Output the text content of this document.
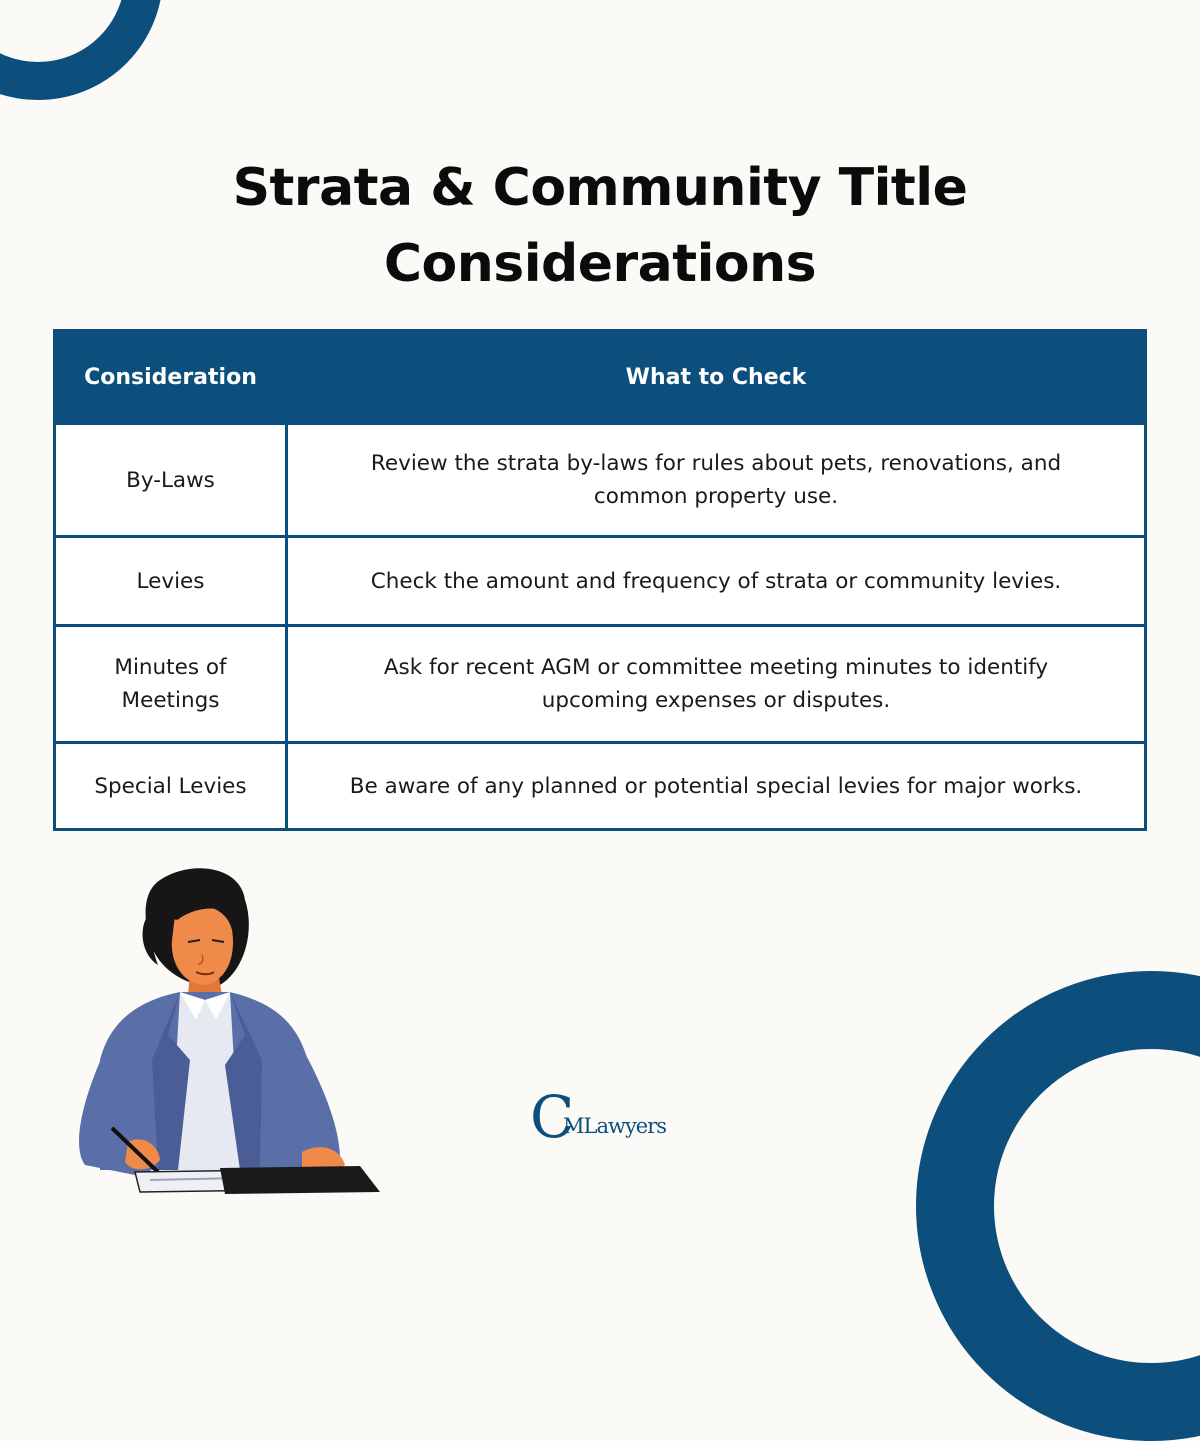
Strata & Community Title
Considerations
Consideration	What to Check
By-Laws	Review the strata by-laws for rules about pets, renovations, and common property use.
Levies	Check the amount and frequency of strata or community levies.
Minutes of Meetings	Ask for recent AGM or committee meeting minutes to identify upcoming expenses or disputes.
Special Levies	Be aware of any planned or potential special levies for major works.
C
MLawyers
